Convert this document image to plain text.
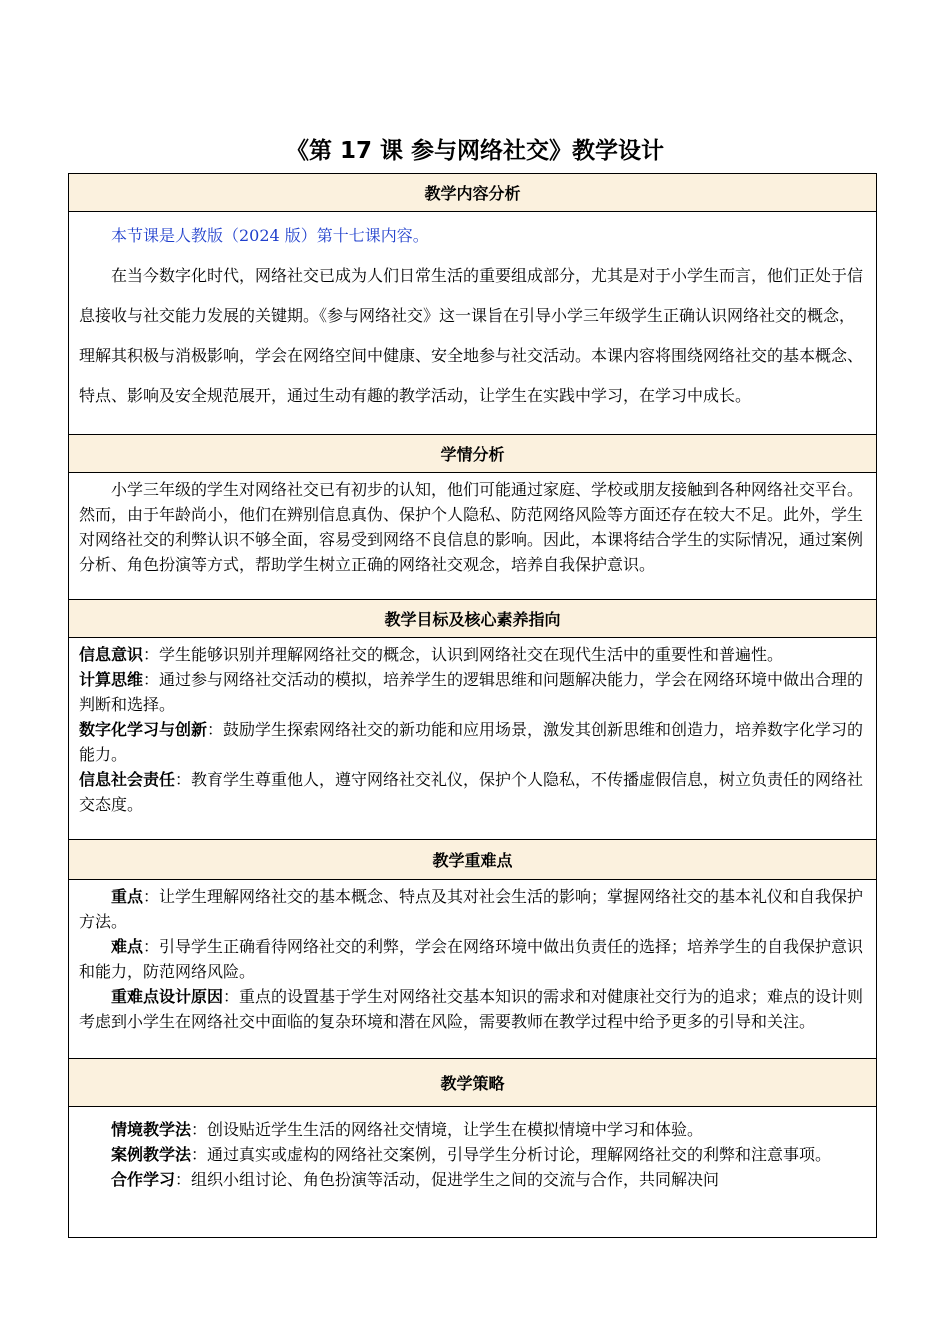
《第 17 课 参与网络社交》教学设计
教学内容分析

本节课是人教版（2024 版）第十七课内容。

在当今数字化时代，网络社交已成为人们日常生活的重要组成部分，尤其是对于小学生而言，他们正处于信息接收与社交能力发展的关键期。《参与网络社交》这一课旨在引导小学三年级学生正确认识网络社交的概念，理解其积极与消极影响，学会在网络空间中健康、安全地参与社交活动。本课内容将围绕网络社交的基本概念、特点、影响及安全规范展开，通过生动有趣的教学活动，让学生在实践中学习，在学习中成长。

学情分析

小学三年级的学生对网络社交已有初步的认知，他们可能通过家庭、学校或朋友接触到各种网络社交平台。然而，由于年龄尚小，他们在辨别信息真伪、保护个人隐私、防范网络风险等方面还存在较大不足。此外，学生对网络社交的利弊认识不够全面，容易受到网络不良信息的影响。因此，本课将结合学生的实际情况，通过案例分析、角色扮演等方式，帮助学生树立正确的网络社交观念，培养自我保护意识。

教学目标及核心素养指向

信息意识：学生能够识别并理解网络社交的概念，认识到网络社交在现代生活中的重要性和普遍性。

计算思维：通过参与网络社交活动的模拟，培养学生的逻辑思维和问题解决能力，学会在网络环境中做出合理的判断和选择。

数字化学习与创新：鼓励学生探索网络社交的新功能和应用场景，激发其创新思维和创造力，培养数字化学习的能力。

信息社会责任：教育学生尊重他人，遵守网络社交礼仪，保护个人隐私，不传播虚假信息，树立负责任的网络社交态度。

教学重难点

重点：让学生理解网络社交的基本概念、特点及其对社会生活的影响；掌握网络社交的基本礼仪和自我保护方法。

难点：引导学生正确看待网络社交的利弊，学会在网络环境中做出负责任的选择；培养学生的自我保护意识和能力，防范网络风险。

重难点设计原因：重点的设置基于学生对网络社交基本知识的需求和对健康社交行为的追求；难点的设计则考虑到小学生在网络社交中面临的复杂环境和潜在风险，需要教师在教学过程中给予更多的引导和关注。

教学策略

情境教学法：创设贴近学生生活的网络社交情境，让学生在模拟情境中学习和体验。

案例教学法：通过真实或虚构的网络社交案例，引导学生分析讨论，理解网络社交的利弊和注意事项。

合作学习：组织小组讨论、角色扮演等活动，促进学生之间的交流与合作，共同解决问
